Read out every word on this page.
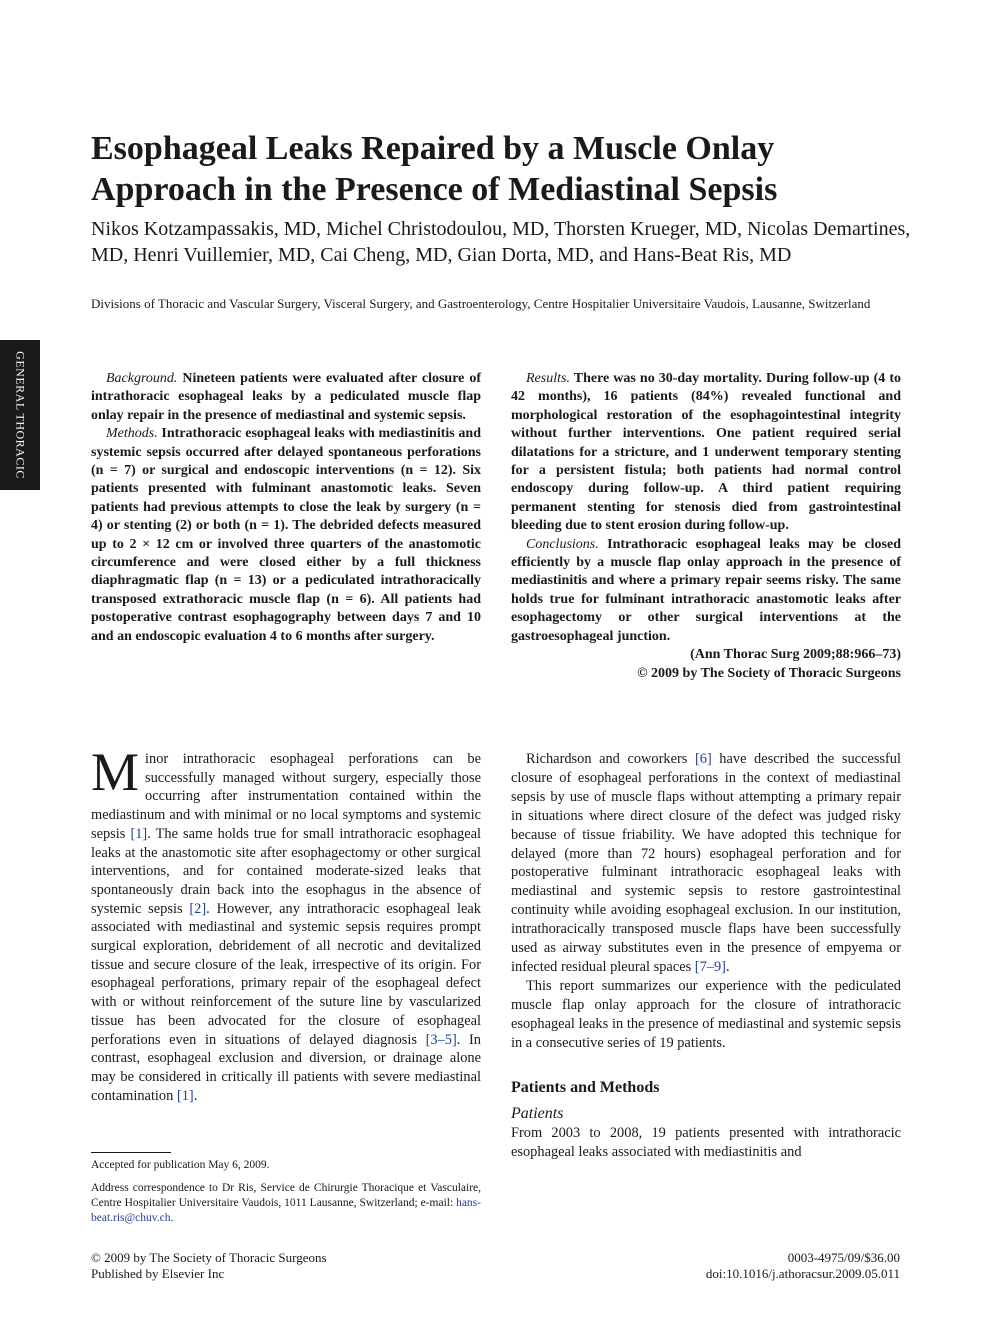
GENERAL THORACIC
Esophageal Leaks Repaired by a Muscle Onlay Approach in the Presence of Mediastinal Sepsis
Nikos Kotzampassakis, MD, Michel Christodoulou, MD, Thorsten Krueger, MD, Nicolas Demartines, MD, Henri Vuillemier, MD, Cai Cheng, MD, Gian Dorta, MD, and Hans-Beat Ris, MD
Divisions of Thoracic and Vascular Surgery, Visceral Surgery, and Gastroenterology, Centre Hospitalier Universitaire Vaudois, Lausanne, Switzerland

Background. Nineteen patients were evaluated after closure of intrathoracic esophageal leaks by a pediculated muscle flap onlay repair in the presence of mediastinal and systemic sepsis.

Methods. Intrathoracic esophageal leaks with mediastinitis and systemic sepsis occurred after delayed spontaneous perforations (n = 7) or surgical and endoscopic interventions (n = 12). Six patients presented with fulminant anastomotic leaks. Seven patients had previous attempts to close the leak by surgery (n = 4) or stenting (2) or both (n = 1). The debrided defects measured up to 2 × 12 cm or involved three quarters of the anastomotic circumference and were closed either by a full thickness diaphragmatic flap (n = 13) or a pediculated intrathoracically transposed extrathoracic muscle flap (n = 6). All patients had postoperative contrast esophagography between days 7 and 10 and an endoscopic evaluation 4 to 6 months after surgery.

Results. There was no 30-day mortality. During follow-up (4 to 42 months), 16 patients (84%) revealed functional and morphological restoration of the esophagointestinal integrity without further interventions. One patient required serial dilatations for a stricture, and 1 underwent temporary stenting for a persistent fistula; both patients had normal control endoscopy during follow-up. A third patient requiring permanent stenting for stenosis died from gastrointestinal bleeding due to stent erosion during follow-up.

Conclusions. Intrathoracic esophageal leaks may be closed efficiently by a muscle flap onlay approach in the presence of mediastinitis and where a primary repair seems risky. The same holds true for fulminant intrathoracic anastomotic leaks after esophagectomy or other surgical interventions at the gastroesophageal junction.

(Ann Thorac Surg 2009;88:966–73)

© 2009 by The Society of Thoracic Surgeons

Minor intrathoracic esophageal perforations can be successfully managed without surgery, especially those occurring after instrumentation contained within the mediastinum and with minimal or no local symptoms and systemic sepsis [1]. The same holds true for small intrathoracic esophageal leaks at the anastomotic site after esophagectomy or other surgical interventions, and for contained moderate-sized leaks that spontaneously drain back into the esophagus in the absence of systemic sepsis [2]. However, any intrathoracic esophageal leak associated with mediastinal and systemic sepsis requires prompt surgical exploration, debridement of all necrotic and devitalized tissue and secure closure of the leak, irrespective of its origin. For esophageal perforations, primary repair of the esophageal defect with or without reinforcement of the suture line by vascularized tissue has been advocated for the closure of esophageal perforations even in situations of delayed diagnosis [3–5]. In contrast, esophageal exclusion and diversion, or drainage alone may be considered in critically ill patients with severe mediastinal contamination [1].

Richardson and coworkers [6] have described the successful closure of esophageal perforations in the context of mediastinal sepsis by use of muscle flaps without attempting a primary repair in situations where direct closure of the defect was judged risky because of tissue friability. We have adopted this technique for delayed (more than 72 hours) esophageal perforation and for postoperative fulminant intrathoracic esophageal leaks with mediastinal and systemic sepsis to restore gastrointestinal continuity while avoiding esophageal exclusion. In our institution, intrathoracically transposed muscle flaps have been successfully used as airway substitutes even in the presence of empyema or infected residual pleural spaces [7–9].

This report summarizes our experience with the pediculated muscle flap onlay approach for the closure of intrathoracic esophageal leaks in the presence of mediastinal and systemic sepsis in a consecutive series of 19 patients.

Patients and Methods

Patients

From 2003 to 2008, 19 patients presented with intrathoracic esophageal leaks associated with mediastinitis and

Accepted for publication May 6, 2009.
Address correspondence to Dr Ris, Service de Chirurgie Thoracique et Vasculaire, Centre Hospitalier Universitaire Vaudois, 1011 Lausanne, Switzerland; e-mail: hans-beat.ris@chuv.ch.
© 2009 by The Society of Thoracic Surgeons
Published by Elsevier Inc
0003-4975/09/$36.00
doi:10.1016/j.athoracsur.2009.05.011
